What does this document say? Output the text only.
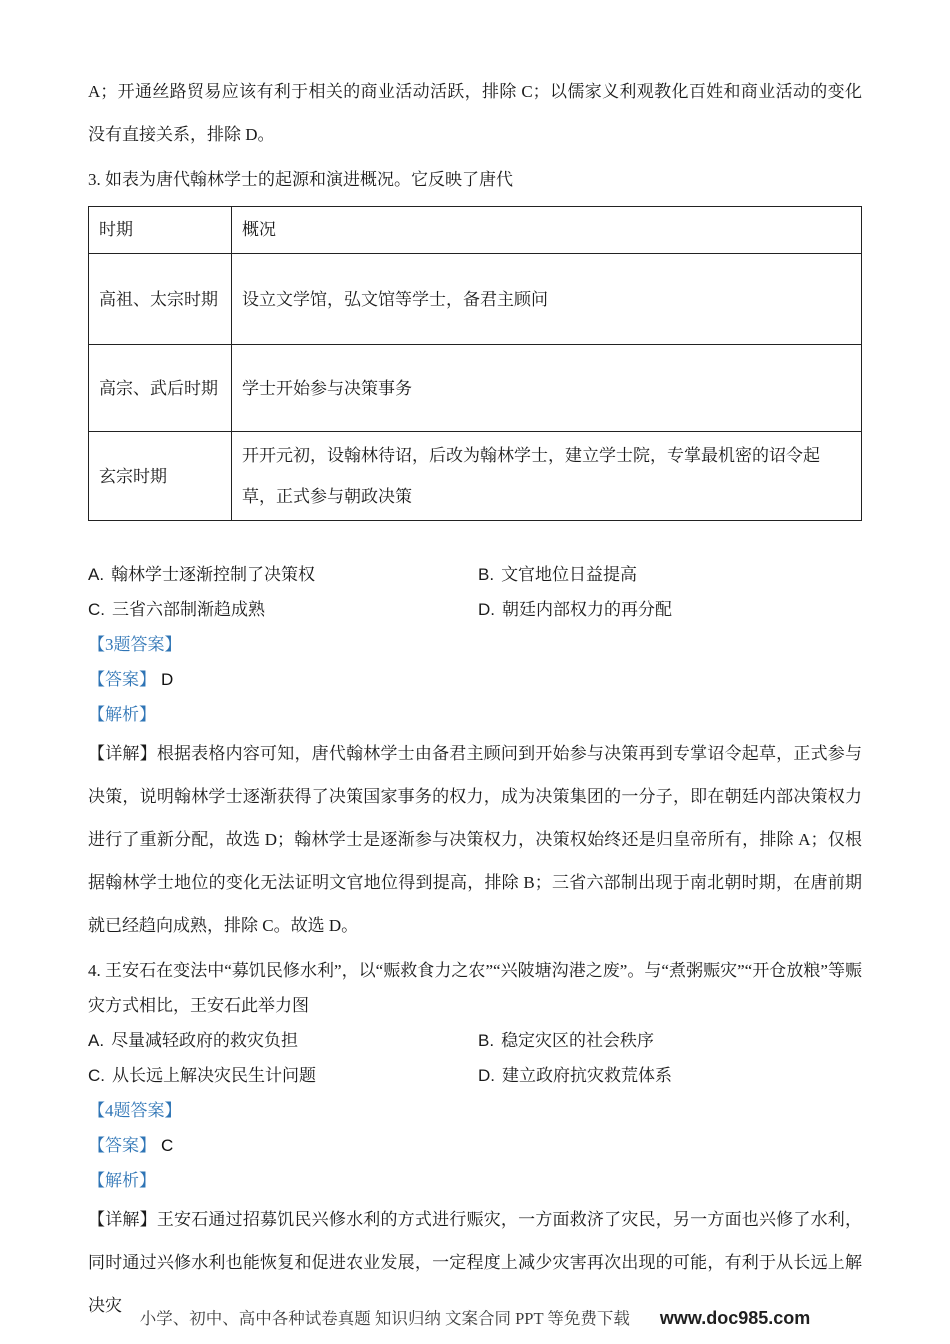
A；开通丝路贸易应该有利于相关的商业活动活跃，排除 C；以儒家义利观教化百姓和商业活动的变化没有直接关系，排除 D。

3. 如表为唐代翰林学士的起源和演进概况。它反映了唐代

时期	概况
高祖、太宗时期	设立文学馆，弘文馆等学士，备君主顾问
高宗、武后时期	学士开始参与决策事务
玄宗时期	开开元初，设翰林待诏，后改为翰林学士，建立学士院，专掌最机密的诏令起草，正式参与朝政决策
A. 翰林学士逐渐控制了决策权	B. 文官地位日益提高
C. 三省六部制渐趋成熟	D. 朝廷内部权力的再分配

【3题答案】

【答案】 D

【解析】

【详解】根据表格内容可知，唐代翰林学士由备君主顾问到开始参与决策再到专掌诏令起草，正式参与决策，说明翰林学士逐渐获得了决策国家事务的权力，成为决策集团的一分子，即在朝廷内部决策权力进行了重新分配，故选 D；翰林学士是逐渐参与决策权力，决策权始终还是归皇帝所有，排除 A；仅根据翰林学士地位的变化无法证明文官地位得到提高，排除 B；三省六部制出现于南北朝时期，在唐前期就已经趋向成熟，排除 C。故选 D。

4. 王安石在变法中“募饥民修水利”，以“赈救食力之农”“兴陂塘沟港之废”。与“煮粥赈灾”“开仓放粮”等赈灾方式相比，王安石此举力图

A. 尽量减轻政府的救灾负担	B. 稳定灾区的社会秩序
C. 从长远上解决灾民生计问题	D. 建立政府抗灾救荒体系

【4题答案】

【答案】 C

【解析】

【详解】王安石通过招募饥民兴修水利的方式进行赈灾，一方面救济了灾民，另一方面也兴修了水利，同时通过兴修水利也能恢复和促进农业发展，一定程度上减少灾害再次出现的可能，有利于从长远上解决灾

小学、初中、高中各种试卷真题 知识归纳 文案合同 PPT 等免费下载 www.doc985.com
